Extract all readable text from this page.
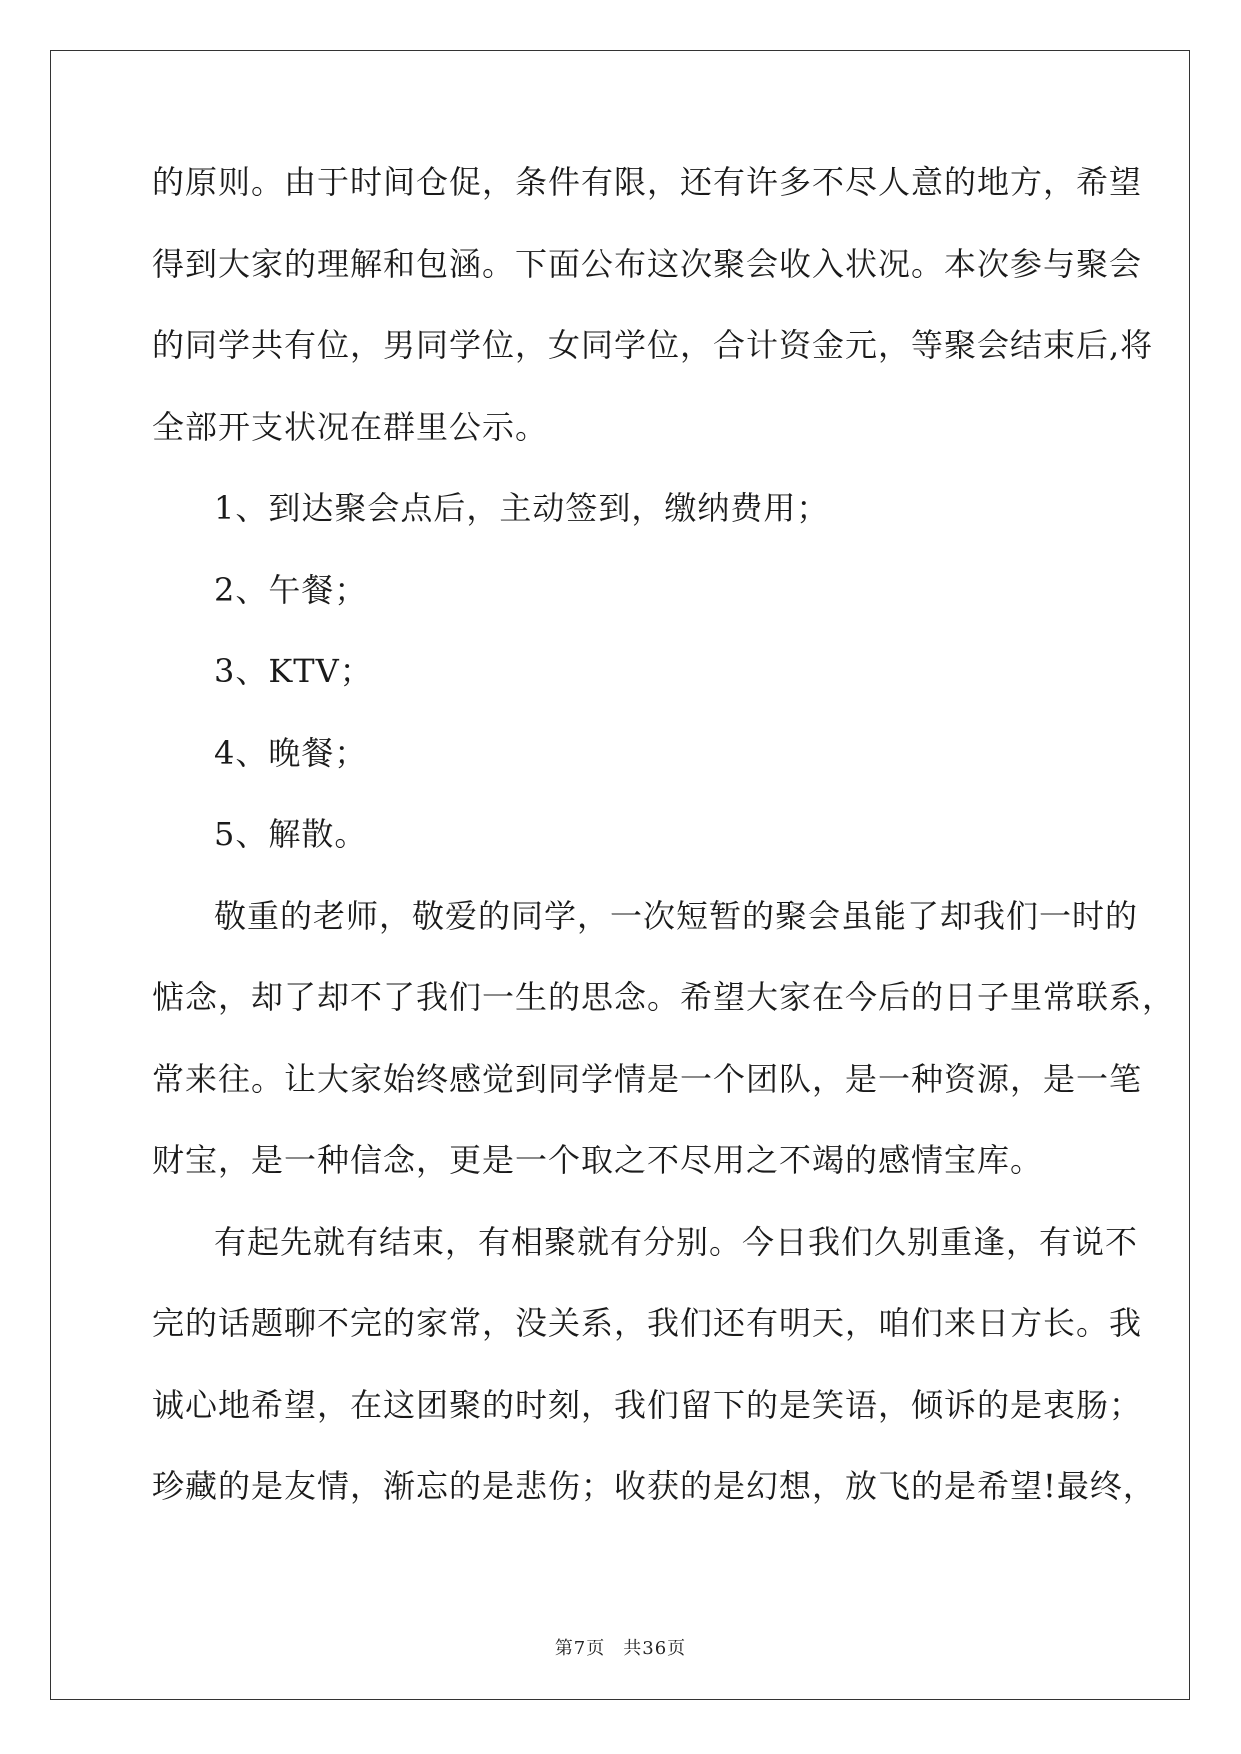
的原则。由于时间仓促，条件有限，还有许多不尽人意的地方，希望
得到大家的理解和包涵。下面公布这次聚会收入状况。本次参与聚会
的同学共有位，男同学位，女同学位，合计资金元，等聚会结束后,将
全部开支状况在群里公示。
1、到达聚会点后，主动签到，缴纳费用；
2、午餐；
3、KTV；
4、晚餐；
5、解散。
敬重的老师，敬爱的同学，一次短暂的聚会虽能了却我们一时的
惦念，却了却不了我们一生的思念。希望大家在今后的日子里常联系，
常来往。让大家始终感觉到同学情是一个团队，是一种资源，是一笔
财宝，是一种信念，更是一个取之不尽用之不竭的感情宝库。
有起先就有结束，有相聚就有分别。今日我们久别重逢，有说不
完的话题聊不完的家常，没关系，我们还有明天，咱们来日方长。我
诚心地希望，在这团聚的时刻，我们留下的是笑语，倾诉的是衷肠；
珍藏的是友情，渐忘的是悲伤；收获的是幻想，放飞的是希望!最终，
第7页 共36页
